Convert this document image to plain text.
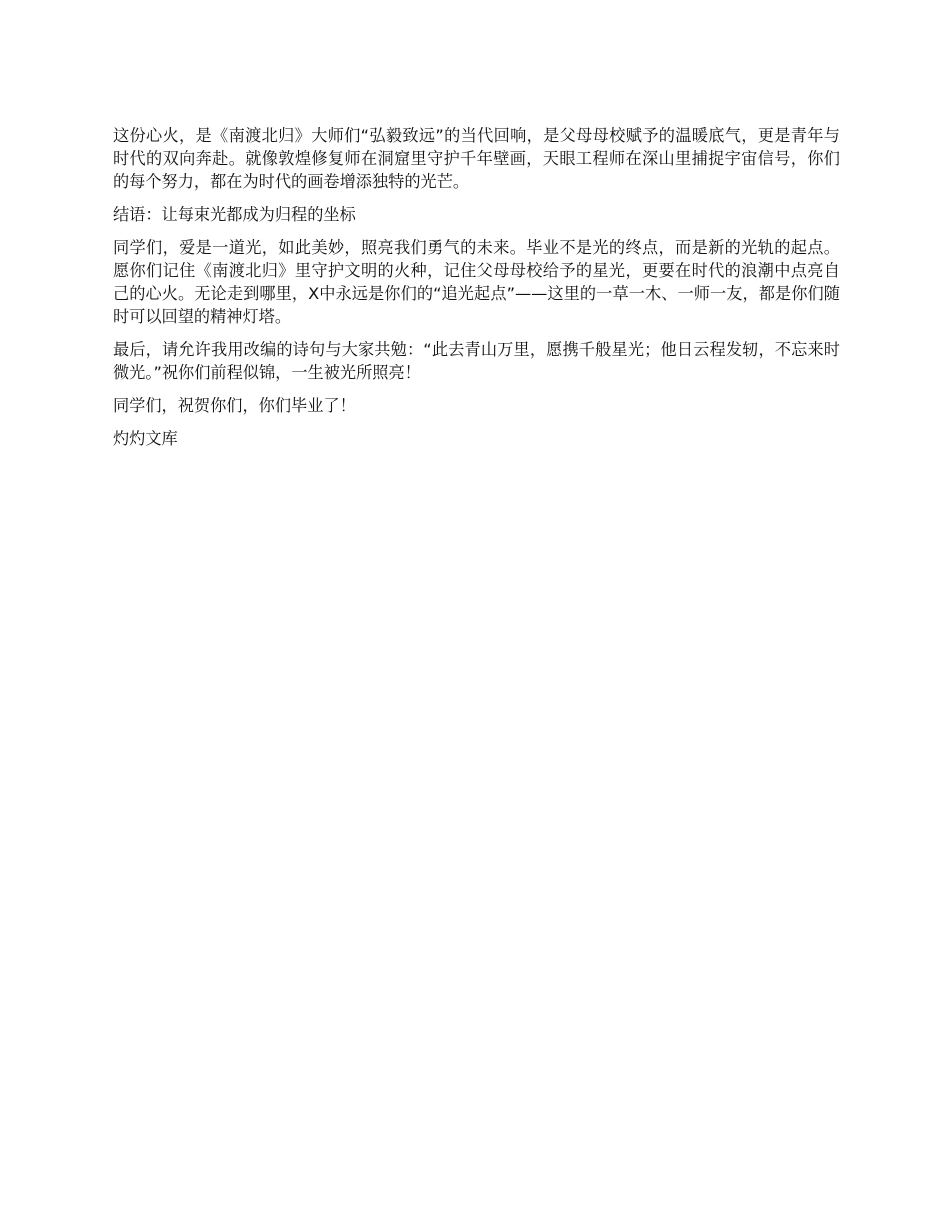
这份心火，是《南渡北归》大师们“弘毅致远”的当代回响，是父母母校赋予的温暖底气，更是青年与时代的双向奔赴。就像敦煌修复师在洞窟里守护千年壁画，天眼工程师在深山里捕捉宇宙信号，你们的每个努力，都在为时代的画卷增添独特的光芒。

结语：让每束光都成为归程的坐标

同学们，爱是一道光，如此美妙，照亮我们勇气的未来。毕业不是光的终点，而是新的光轨的起点。愿你们记住《南渡北归》里守护文明的火种，记住父母母校给予的星光，更要在时代的浪潮中点亮自己的心火。无论走到哪里，X中永远是你们的“追光起点”——这里的一草一木、一师一友，都是你们随时可以回望的精神灯塔。

最后，请允许我用改编的诗句与大家共勉：“此去青山万里，愿携千般星光；他日云程发轫，不忘来时微光。”祝你们前程似锦，一生被光所照亮！

同学们，祝贺你们，你们毕业了！

灼灼文库
